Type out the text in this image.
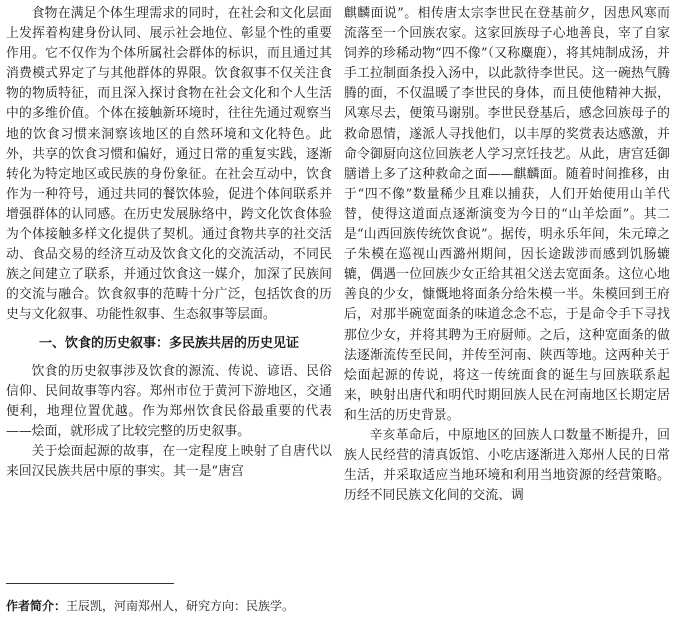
食物在满足个体生理需求的同时，在社会和文化层面上发挥着构建身份认同、展示社会地位、彰显个性的重要作用。它不仅作为个体所属社会群体的标识，而且通过其消费模式界定了与其他群体的界限。饮食叙事不仅关注食物的物质特征，而且深入探讨食物在社会文化和个人生活中的多维价值。个体在接触新环境时，往往先通过观察当地的饮食习惯来洞察该地区的自然环境和文化特色。此外，共享的饮食习惯和偏好，通过日常的重复实践，逐渐转化为特定地区或民族的身份象征。在社会互动中，饮食作为一种符号，通过共同的餐饮体验，促进个体间联系并增强群体的认同感。在历史发展脉络中，跨文化饮食体验为个体接触多样文化提供了契机。通过食物共享的社交活动、食品交易的经济互动及饮食文化的交流活动，不同民族之间建立了联系，并通过饮食这一媒介，加深了民族间的交流与融合。饮食叙事的范畴十分广泛，包括饮食的历史与文化叙事、功能性叙事、生态叙事等层面。

一、饮食的历史叙事：多民族共居的历史见证

饮食的历史叙事涉及饮食的源流、传说、谚语、民俗信仰、民间故事等内容。郑州市位于黄河下游地区，交通便利，地理位置优越。作为郑州饮食民俗最重要的代表——烩面，就形成了比较完整的历史叙事。

关于烩面起源的故事，在一定程度上映射了自唐代以来回汉民族共居中原的事实。其一是“唐宫

麒麟面说”。相传唐太宗李世民在登基前夕，因患风寒而流落至一个回族农家。这家回族母子心地善良，宰了自家饲养的珍稀动物“四不像”（又称麋鹿），将其炖制成汤，并手工拉制面条投入汤中，以此款待李世民。这一碗热气腾腾的面，不仅温暖了李世民的身体，而且使他精神大振，风寒尽去，便策马谢别。李世民登基后，感念回族母子的救命恩情，遂派人寻找他们，以丰厚的奖赏表达感激，并命令御厨向这位回族老人学习烹饪技艺。从此，唐宫廷御膳谱上多了这种救命之面——麒麟面。随着时间推移，由于“四不像”数量稀少且难以捕获，人们开始使用山羊代替，使得这道面点逐渐演变为今日的“山羊烩面”。其二是“山西回族传统饮食说”。据传，明永乐年间，朱元璋之子朱模在巡视山西潞州期间，因长途跋涉而感到饥肠辘辘，偶遇一位回族少女正给其祖父送去宽面条。这位心地善良的少女，慷慨地将面条分给朱模一半。朱模回到王府后，对那半碗宽面条的味道念念不忘，于是命令手下寻找那位少女，并将其聘为王府厨师。之后，这种宽面条的做法逐渐流传至民间，并传至河南、陕西等地。这两种关于烩面起源的传说，将这一传统面食的诞生与回族联系起来，映射出唐代和明代时期回族人民在河南地区长期定居和生活的历史背景。

辛亥革命后，中原地区的回族人口数量不断提升，回族人民经营的清真饭馆、小吃店逐渐进入郑州人民的日常生活，并采取适应当地环境和利用当地资源的经营策略。历经不同民族文化间的交流、调

作者简介：王辰凯，河南郑州人，研究方向：民族学。
